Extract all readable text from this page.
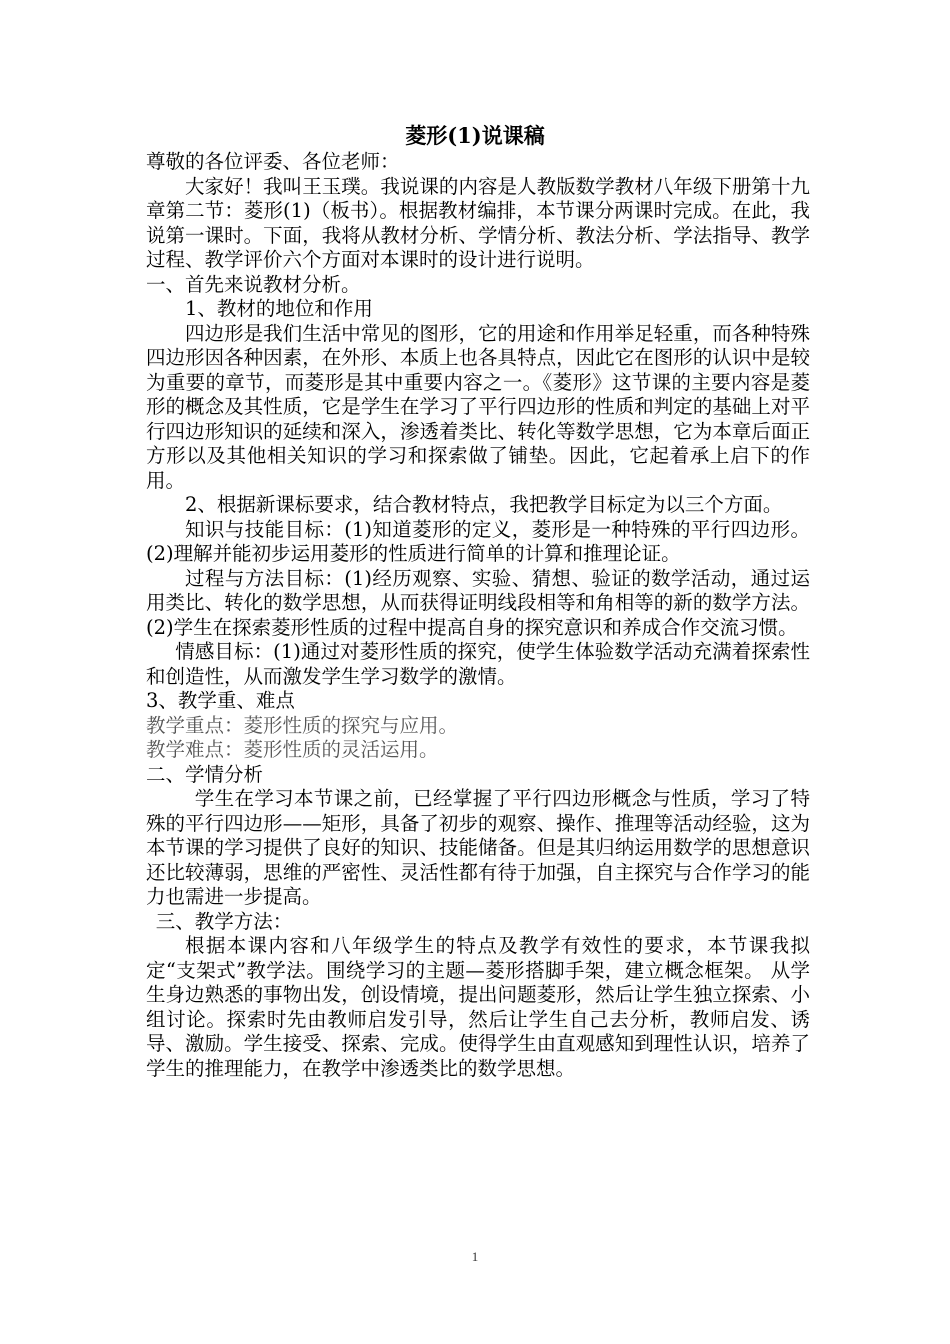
菱形(1)说课稿

尊敬的各位评委、各位老师：

大家好！我叫王玉璞。我说课的内容是人教版数学教材八年级下册第十九章第二节：菱形(1)（板书）。根据教材编排，本节课分两课时完成。在此，我说第一课时。下面，我将从教材分析、学情分析、教法分析、学法指导、教学过程、教学评价六个方面对本课时的设计进行说明。

一、首先来说教材分析。

1、教材的地位和作用

四边形是我们生活中常见的图形，它的用途和作用举足轻重，而各种特殊四边形因各种因素，在外形、本质上也各具特点，因此它在图形的认识中是较为重要的章节，而菱形是其中重要内容之一。《菱形》这节课的主要内容是菱形的概念及其性质，它是学生在学习了平行四边形的性质和判定的基础上对平行四边形知识的延续和深入，渗透着类比、转化等数学思想，它为本章后面正方形以及其他相关知识的学习和探索做了铺垫。因此，它起着承上启下的作用。

2、根据新课标要求，结合教材特点，我把教学目标定为以三个方面。

知识与技能目标：(1)知道菱形的定义，菱形是一种特殊的平行四边形。(2)理解并能初步运用菱形的性质进行简单的计算和推理论证。

过程与方法目标：(1)经历观察、实验、猜想、验证的数学活动，通过运用类比、转化的数学思想，从而获得证明线段相等和角相等的新的数学方法。(2)学生在探索菱形性质的过程中提高自身的探究意识和养成合作交流习惯。

情感目标：(1)通过对菱形性质的探究，使学生体验数学活动充满着探索性和创造性，从而激发学生学习数学的激情。

3、教学重、难点

教学重点：菱形性质的探究与应用。

教学难点：菱形性质的灵活运用。

二、学情分析

学生在学习本节课之前，已经掌握了平行四边形概念与性质，学习了特殊的平行四边形——矩形，具备了初步的观察、操作、推理等活动经验，这为本节课的学习提供了良好的知识、技能储备。但是其归纳运用数学的思想意识还比较薄弱，思维的严密性、灵活性都有待于加强，自主探究与合作学习的能力也需进一步提高。

三、教学方法：

根据本课内容和八年级学生的特点及教学有效性的要求，本节课我拟定“支架式”教学法。围绕学习的主题—菱形搭脚手架，建立概念框架。 从学生身边熟悉的事物出发，创设情境，提出问题菱形，然后让学生独立探索、小组讨论。探索时先由教师启发引导，然后让学生自己去分析，教师启发、诱导、激励。学生接受、探索、完成。使得学生由直观感知到理性认识，培养了学生的推理能力，在教学中渗透类比的数学思想。

1
